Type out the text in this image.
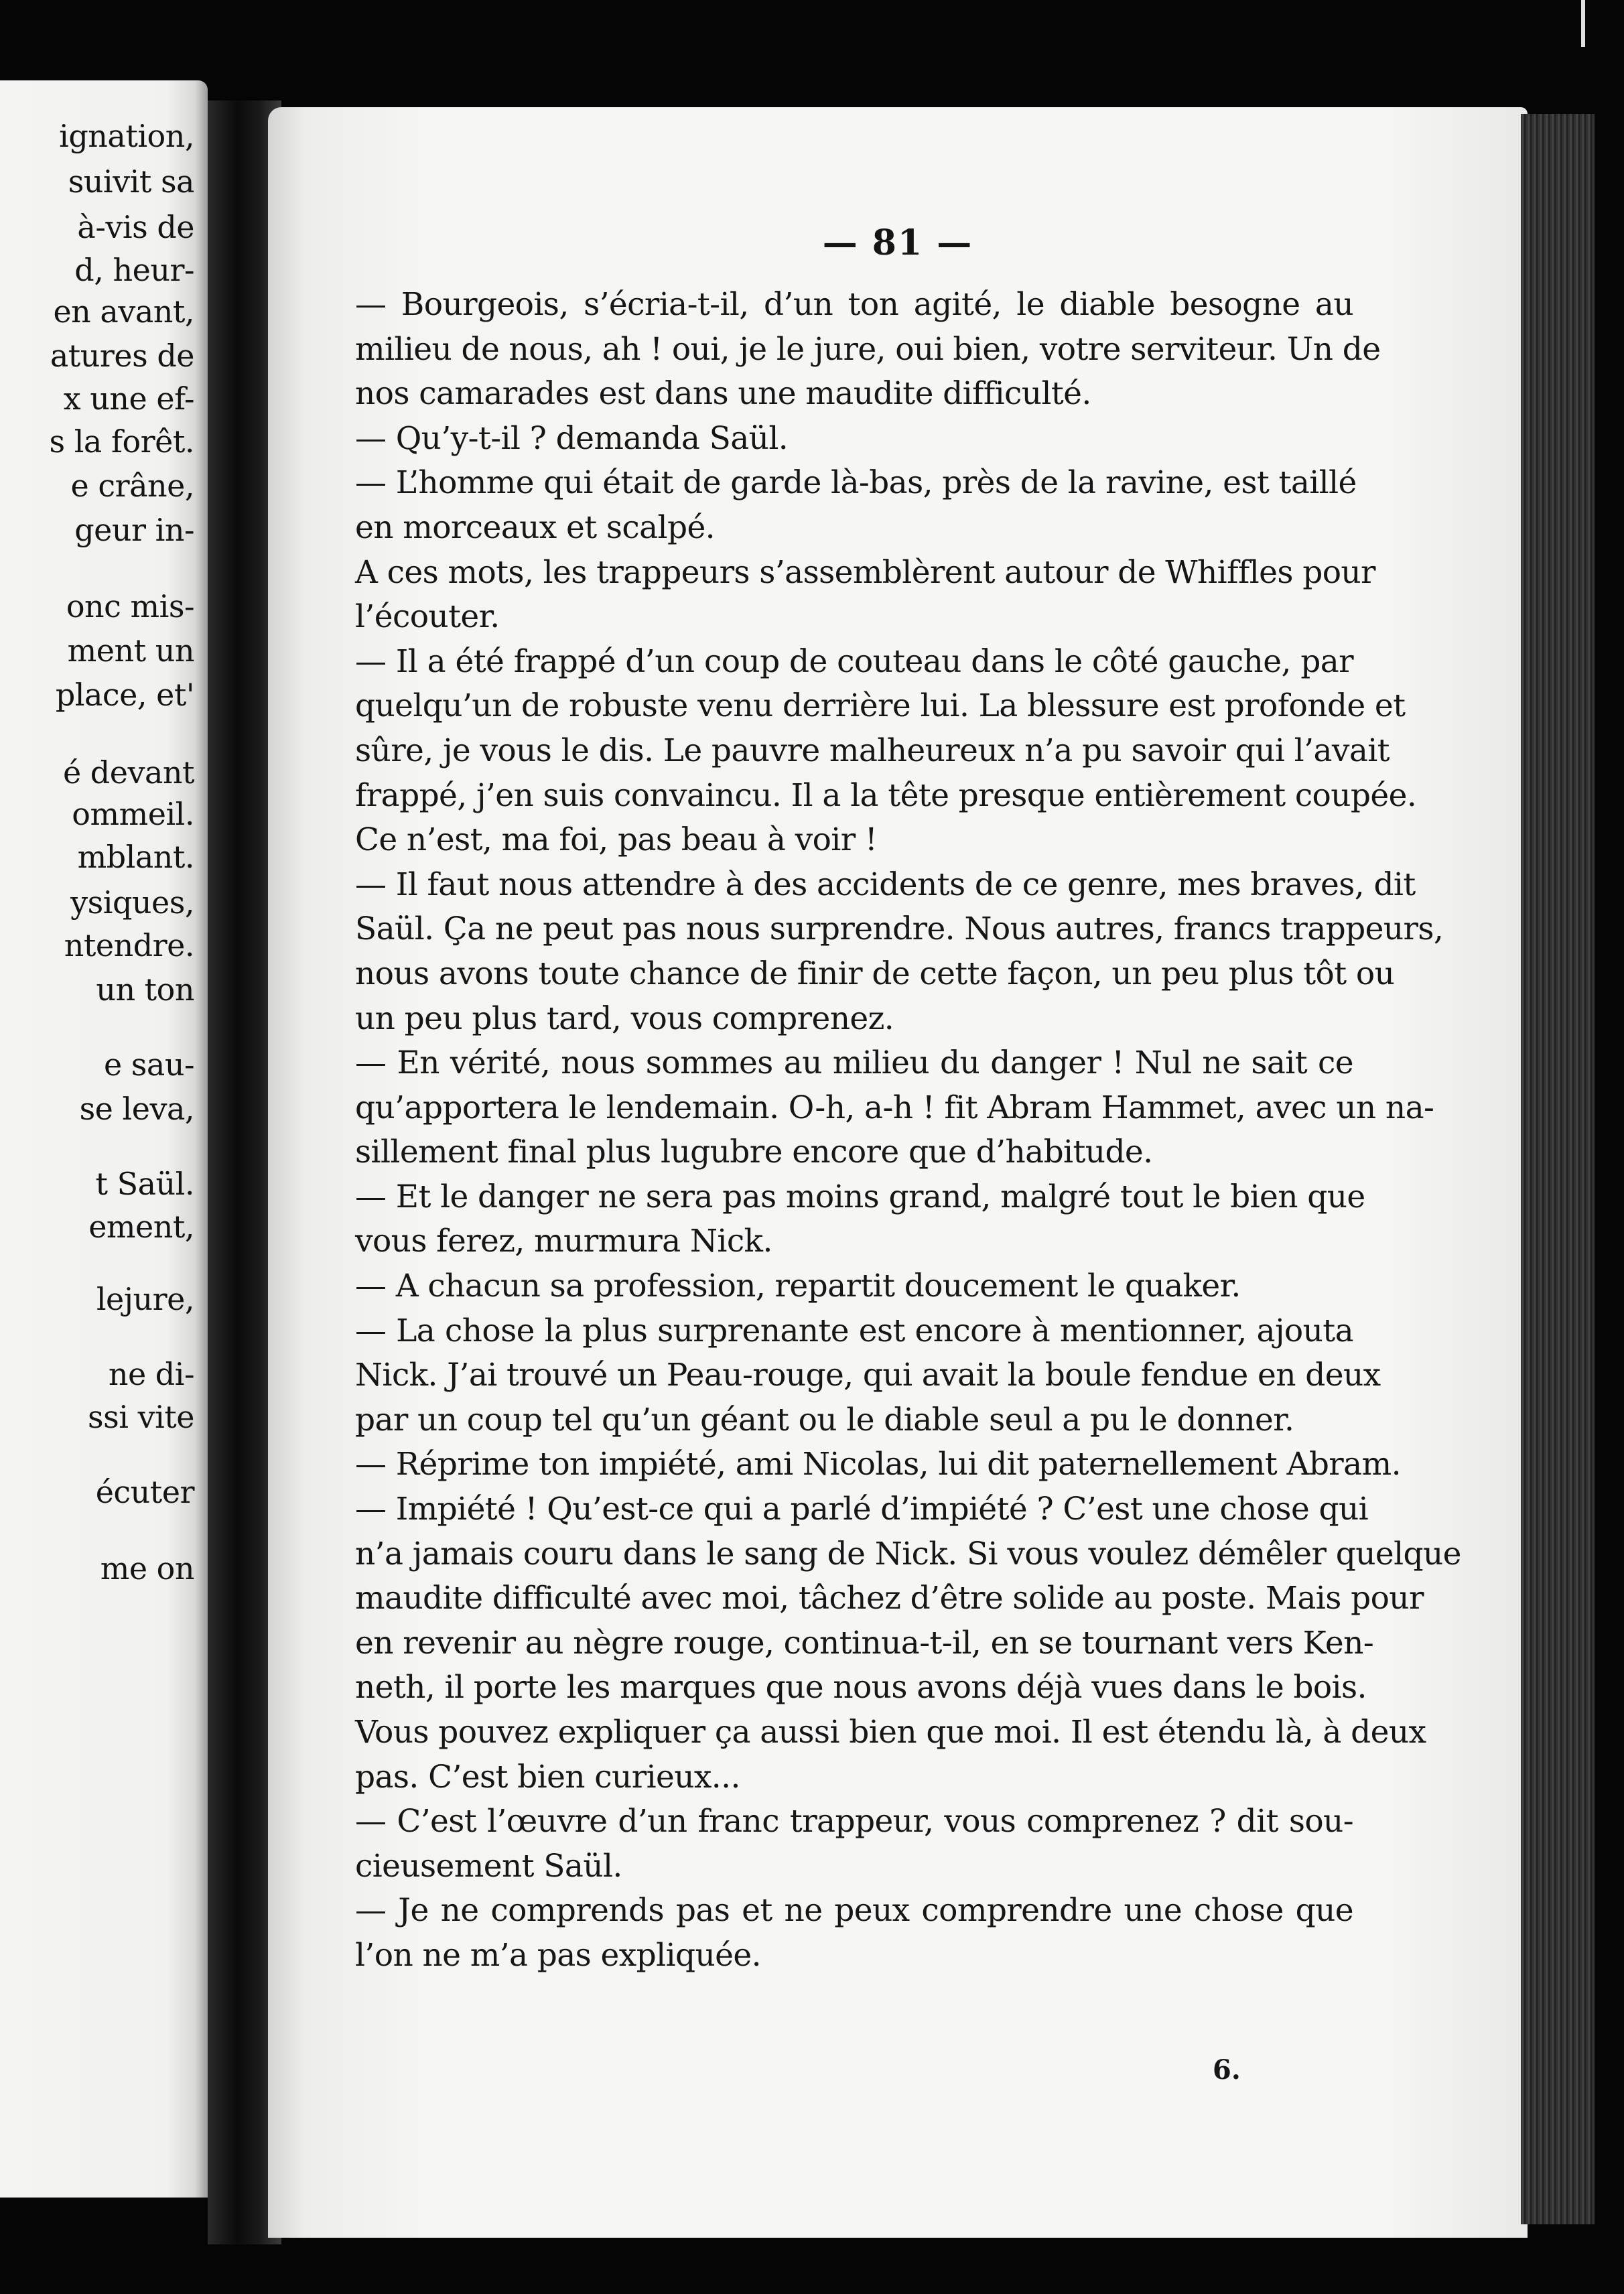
ignation,
suivit sa
à-vis de
d, heur-
en avant,
atures de
x une ef-
s la forêt.
e crâne,
geur in-
onc mis-
ment un
place, et'
é devant
ommeil.
mblant.
ysiques,
ntendre.
un ton
e sau-
se leva,
t Saül.
ement,
lejure,
ne di-
ssi vite
écuter
me on
— 81 —
— Bourgeois, s’écria-t-il, d’un ton agité, le diable besogne au
milieu de nous, ah ! oui, je le jure, oui bien, votre serviteur. Un de
nos camarades est dans une maudite difficulté.
— Qu’y-t-il ? demanda Saül.
— L’homme qui était de garde là-bas, près de la ravine, est taillé
en morceaux et scalpé.
A ces mots, les trappeurs s’assemblèrent autour de Whiffles pour
l’écouter.
— Il a été frappé d’un coup de couteau dans le côté gauche, par
quelqu’un de robuste venu derrière lui. La blessure est profonde et
sûre, je vous le dis. Le pauvre malheureux n’a pu savoir qui l’avait
frappé, j’en suis convaincu. Il a la tête presque entièrement coupée.
Ce n’est, ma foi, pas beau à voir !
— Il faut nous attendre à des accidents de ce genre, mes braves, dit
Saül. Ça ne peut pas nous surprendre. Nous autres, francs trappeurs,
nous avons toute chance de finir de cette façon, un peu plus tôt ou
un peu plus tard, vous comprenez.
— En vérité, nous sommes au milieu du danger ! Nul ne sait ce
qu’apportera le lendemain. O-h, a-h ! fit Abram Hammet, avec un na-
sillement final plus lugubre encore que d’habitude.
— Et le danger ne sera pas moins grand, malgré tout le bien que
vous ferez, murmura Nick.
— A chacun sa profession, repartit doucement le quaker.
— La chose la plus surprenante est encore à mentionner, ajouta
Nick. J’ai trouvé un Peau-rouge, qui avait la boule fendue en deux
par un coup tel qu’un géant ou le diable seul a pu le donner.
— Réprime ton impiété, ami Nicolas, lui dit paternellement Abram.
— Impiété ! Qu’est-ce qui a parlé d’impiété ? C’est une chose qui
n’a jamais couru dans le sang de Nick. Si vous voulez démêler quelque
maudite difficulté avec moi, tâchez d’être solide au poste. Mais pour
en revenir au nègre rouge, continua-t-il, en se tournant vers Ken-
neth, il porte les marques que nous avons déjà vues dans le bois.
Vous pouvez expliquer ça aussi bien que moi. Il est étendu là, à deux
pas. C’est bien curieux...
— C’est l’œuvre d’un franc trappeur, vous comprenez ? dit sou-
cieusement Saül.
— Je ne comprends pas et ne peux comprendre une chose que
l’on ne m’a pas expliquée.
6.
